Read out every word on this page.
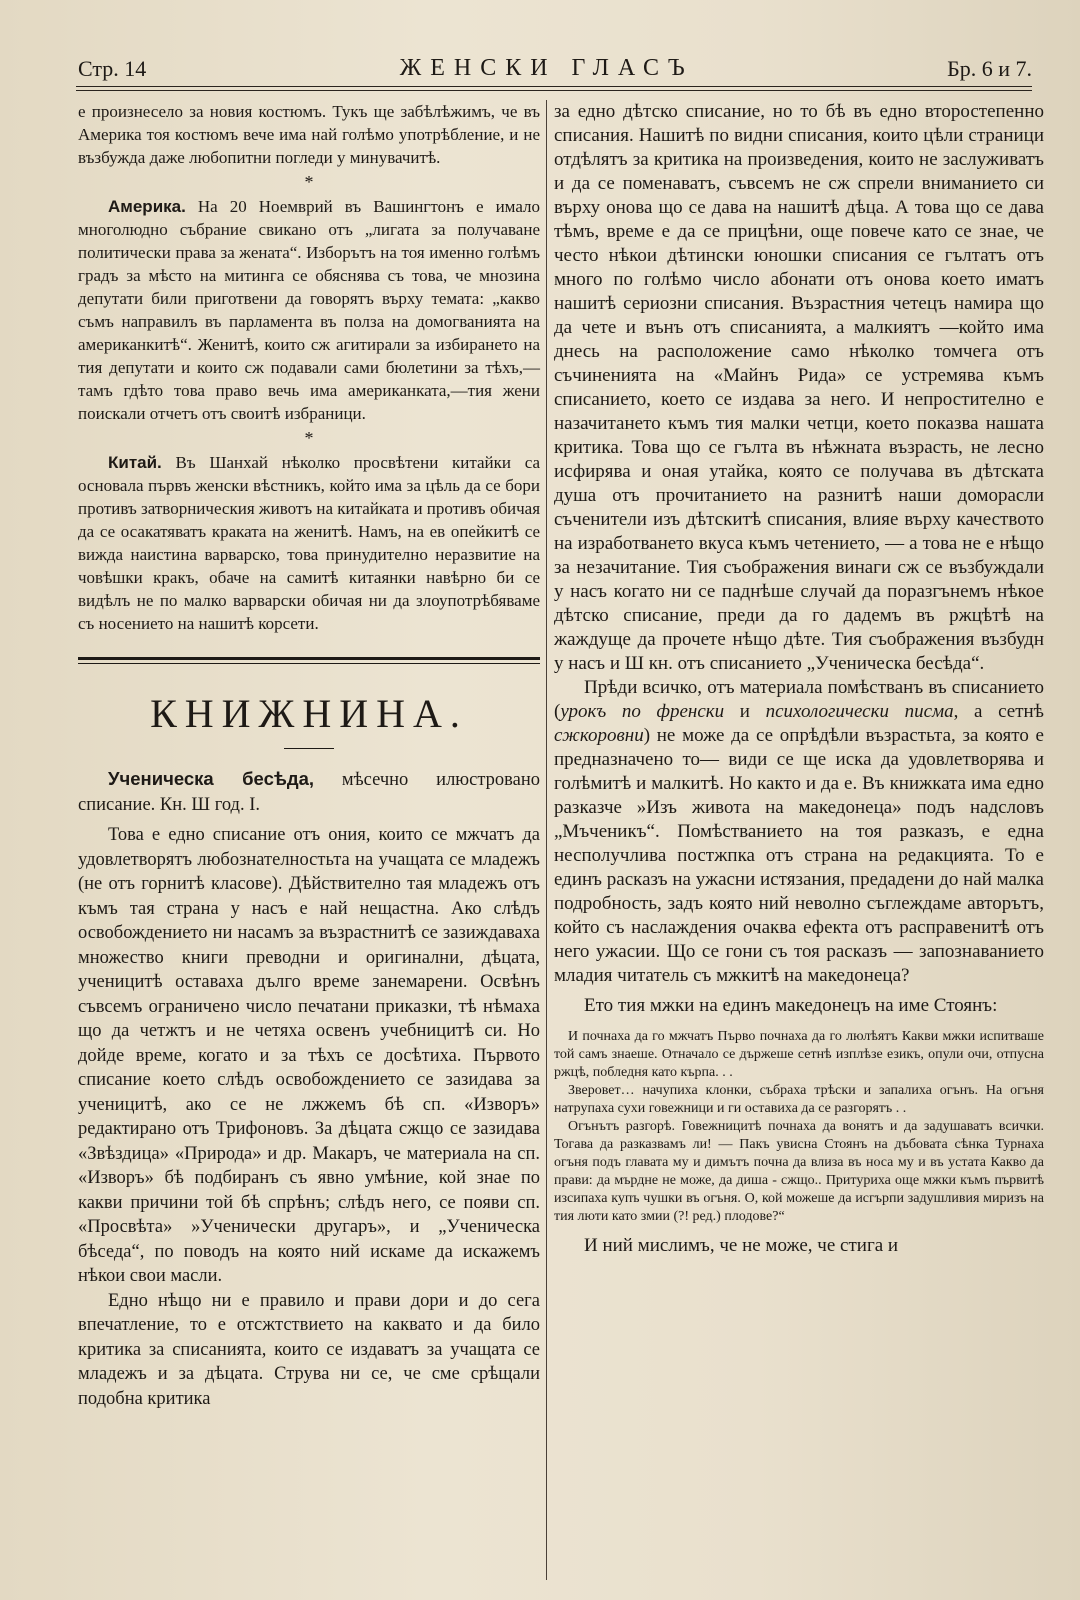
Стр. 14	ЖЕНСКИ ГЛАСЪ	Бр. 6 и 7.

е произнесело за новия костюмъ. Тукъ ще забѣлѣжимъ, че въ Америка тоя костюмъ вече има най голѣмо употрѣбление, и не възбужда даже любопитни погледи у минувачитѣ.

*

Америка. На 20 Ноемврий въ Вашингтонъ е имало многолюдно събрание свикано отъ „лигата за получаване политически права за жената“. Изборътъ на тоя именно голѣмъ градъ за мѣсто на митинга се обяснява съ това, че мнозина депутати били приготвени да говорятъ върху темата: „какво съмъ направилъ въ парламента въ полза на домогванията на американкитѣ“. Женитѣ, които сж агитирали за избирането на тия депутати и които сж подавали сами бюлетини за тѣхъ,—тамъ гдѣто това право вечь има американката,—тия жени поискали отчетъ отъ своитѣ избраници.

*

Китай. Въ Шанхай нѣколко просвѣтени китайки са основала първъ женски вѣстникъ, който има за цѣль да се бори противъ затворническия животъ на китайката и противъ обичая да се осакатяватъ краката на женитѣ. Намъ, на ев опейкитѣ се вижда наистина варварско, това принудително неразвитие на човѣшки кракъ, обаче на самитѣ китаянки навѣрно би се видѣлъ не по малко варварски обичая ни да злоупотрѣбяваме съ носението на нашитѣ корсети.

КНИЖНИНА.

Ученическа бесѣда, мѣсечно илюстровано списание. Кн. Ш год. I.

Това е едно списание отъ ония, които се мжчатъ да удовлетворятъ любознателностьта на учащата се младежъ (не отъ горнитѣ класове). Дѣйствително тая младежъ отъ къмъ тая страна у насъ е най нещастна. Ако слѣдъ освобождението ни насамъ за възрастнитѣ се зазиждаваха множество книги преводни и оригинални, дѣцата, ученицитѣ оставаха дълго време занемарени. Освѣнъ съвсемъ ограничено число печатани приказки, тѣ нѣмаха що да четжтъ и не четяха освенъ учебницитѣ си. Но дойде време, когато и за тѣхъ се досѣтиха. Първото списание което слѣдъ освобождението се зазидава за ученицитѣ, ако се не лжжемъ бѣ сп. «Изворъ» редактирано отъ Трифоновъ. За дѣцата сжщо се зазидава «Звѣздица» «Природа» и др. Макаръ, че материала на сп. «Изворъ» бѣ подбиранъ съ явно умѣние, кой знае по какви причини той бѣ спрѣнъ; слѣдъ него, се появи сп. «Просвѣта» »Ученически другаръ», и „Ученическа бѣседа“, по поводъ на която ний искаме да искажемъ нѣкои свои масли.

Едно нѣщо ни е правило и прави дори и до сега впечатление, то е отсжтствието на каквато и да било критика за списанията, които се издаватъ за учащата се младежъ и за дѣцата. Струва ни се, че сме срѣщали подобна критика

за едно дѣтско списание, но то бѣ въ едно второстепенно списания. Нашитѣ по видни списания, които цѣли страници отдѣлятъ за критика на произведения, които не заслуживатъ и да се поменаватъ, съвсемъ не сж спрели вниманието си върху онова що се дава на нашитѣ дѣца. А това що се дава тѣмъ, време е да се прицѣни, още повече като се знае, че често нѣкои дѣтински юношки списания се гълтатъ отъ много по голѣмо число абонати отъ онова което иматъ нашитѣ сериозни списания. Възрастния четецъ намира що да чете и вънъ отъ списанията, а малкиятъ —който има днесь на расположение само нѣколко томчега отъ съчиненията на «Майнъ Рида» се устремява къмъ списанието, което се издава за него. И непростително е назачитането къмъ тия малки четци, което показва нашата критика. Това що се гълта въ нѣжната възрасть, не лесно исфирява и оная утайка, която се получава въ дѣтската душа отъ прочитанието на разнитѣ наши доморасли съченители изъ дѣтскитѣ списания, влияе върху качеството на изработването вкуса къмъ четението, — а това не е нѣщо за незачитание. Тия съображения винаги сж се възбуждали у насъ когато ни се паднѣше случай да поразгънемъ нѣкое дѣтско списание, преди да го дадемъ въ ржцѣтѣ на жаждуще да прочете нѣщо дѣте. Тия съображения възбудн у насъ и Ш кн. отъ списанието „Ученическа бесѣда“.

Прѣди всичко, отъ материала помѣстванъ въ списанието (урокъ по френски и психологически писма, а сетнѣ сжкоровни) не може да се опрѣдѣли възрастьта, за която е предназначено то— види се ще иска да удовлетворява и голѣмитѣ и малкитѣ. Но както и да е. Въ книжката има едно разказче »Изъ живота на македонеца» подъ надсловъ „Мъченикъ“. Помѣстванието на тоя разказъ, е една несполучлива постжпка отъ страна на редакцията. То е единъ расказъ на ужасни истязания, предадени до най малка подробность, задъ която ний неволно съглеждаме авторътъ, който съ наслаждения очаква ефекта отъ расправенитѣ отъ него ужасии. Що се гони съ тоя расказъ — запознаванието младия читатель съ мжкитѣ на македонеца?

Ето тия мжки на единъ македонецъ на име Стоянъ:

И почнаха да го мжчатъ Първо почнаха да го люлѣятъ Какви мжки испитваше той самъ знаеше. Отначало се държеше сетнѣ изплѣзе езикъ, опули очи, отпусна ржцѣ, побледня като кърпа. . .

Зверовет… начупиха клонки, събраха трѣски и запалиха огънъ. На огъня натрупаха сухи говежници и ги оставиха да се разгорятъ . .

Огънътъ разгорѣ. Говежницитѣ почнаха да вонятъ и да задушаватъ всички. Тогава да разказвамъ ли! — Пакъ увисна Стоянъ на дъбовата сѣнка Турнаха огъня подъ главата му и димътъ почна да влиза въ носа му и въ устата Какво да прави: да мърдне не може, да диша - сжщо.. Притуриха още мжки къмъ първитѣ изсипаха купъ чушки въ огъня. О, кой можеше да исгърпи задушливия миризъ на тия люти като змии (?! ред.) плодове?“

И ний мислимъ, че не може, че стига и
